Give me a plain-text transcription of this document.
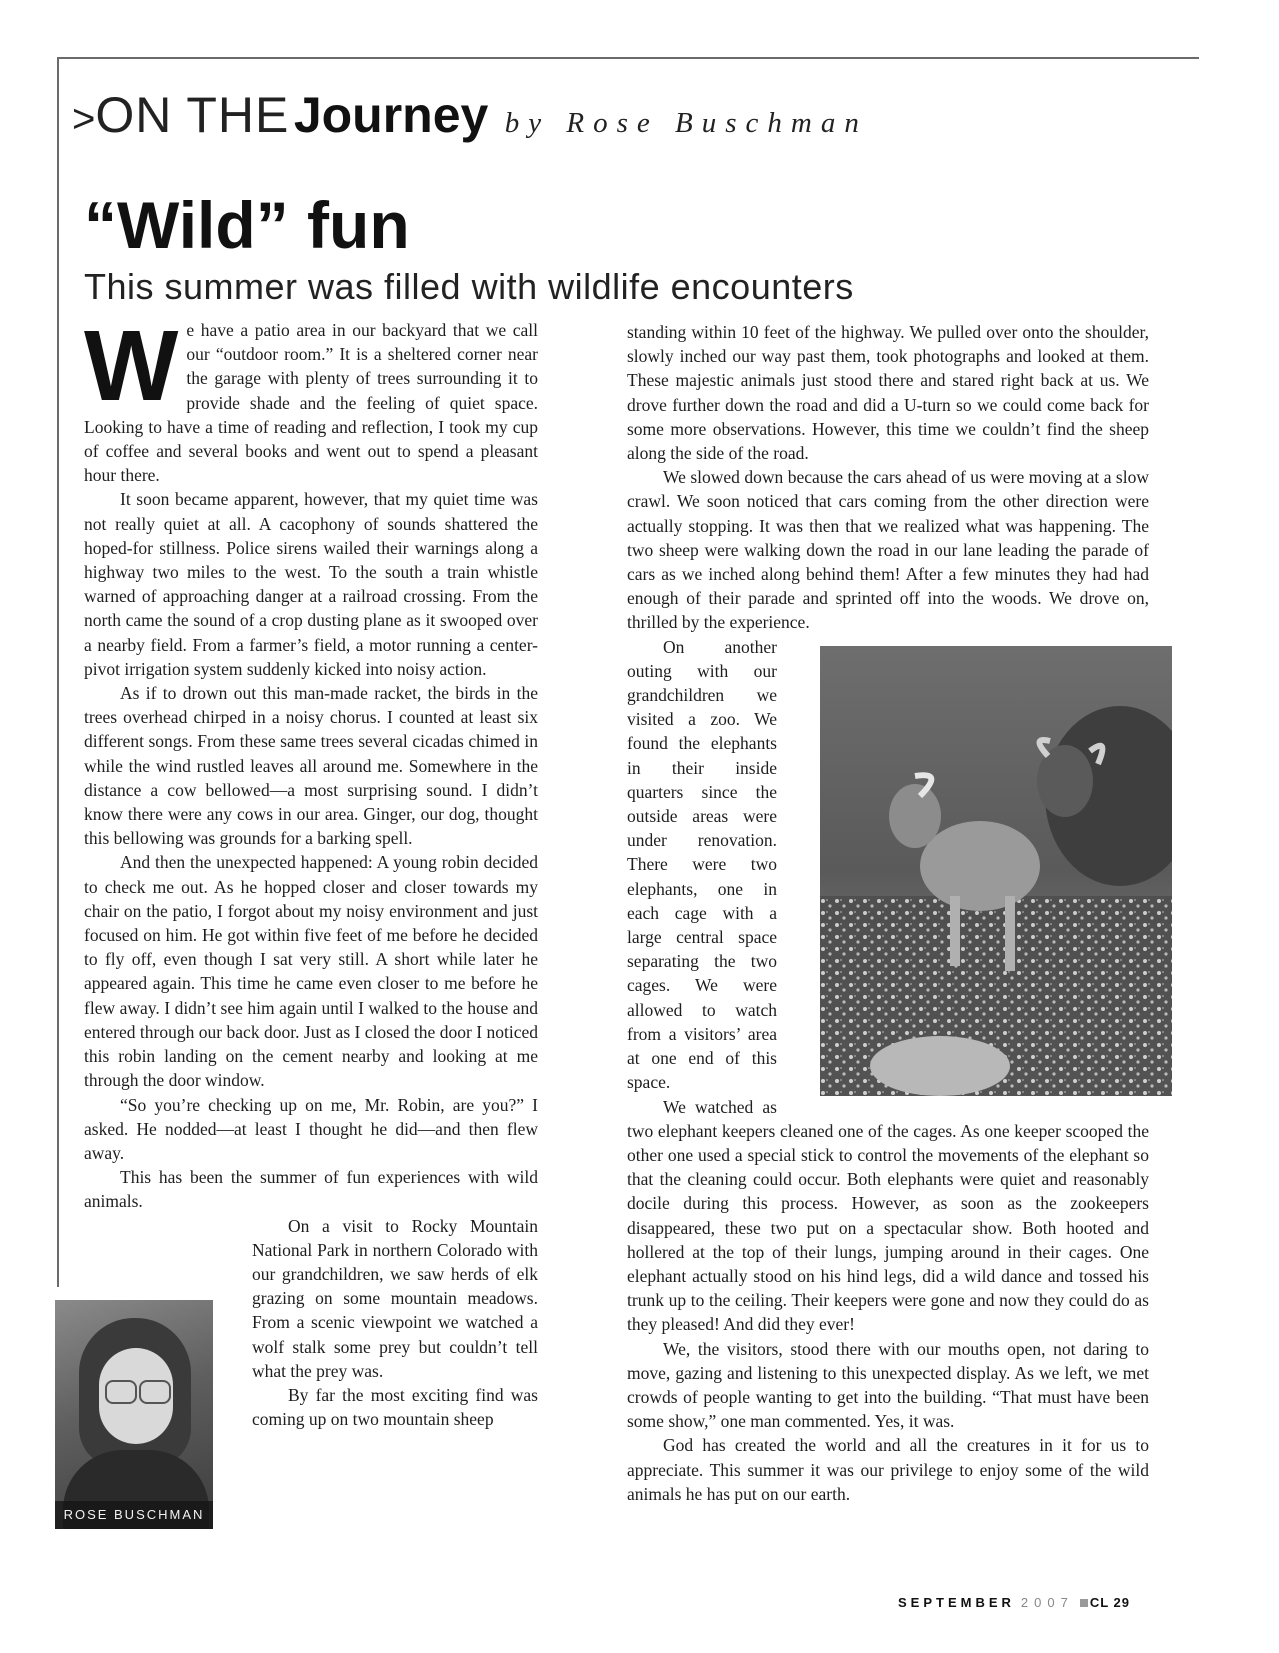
>ON THE Journey by Rose Buschman
“Wild” fun
This summer was filled with wildlife encounters

We have a patio area in our backyard that we call our “outdoor room.” It is a sheltered corner near the garage with plenty of trees surrounding it to provide shade and the feeling of quiet space. Looking to have a time of reading and reflection, I took my cup of coffee and several books and went out to spend a pleasant hour there.

It soon became apparent, however, that my quiet time was not really quiet at all. A cacophony of sounds shattered the hoped-for stillness. Police sirens wailed their warnings along a highway two miles to the west. To the south a train whistle warned of approaching danger at a railroad crossing. From the north came the sound of a crop dusting plane as it swooped over a nearby field. From a farmer’s field, a motor running a center-pivot irrigation system suddenly kicked into noisy action.

As if to drown out this man-made racket, the birds in the trees overhead chirped in a noisy chorus. I counted at least six different songs. From these same trees several cicadas chimed in while the wind rustled leaves all around me. Somewhere in the distance a cow bellowed—a most surprising sound. I didn’t know there were any cows in our area. Ginger, our dog, thought this bellowing was grounds for a barking spell.

And then the unexpected happened: A young robin decided to check me out. As he hopped closer and closer towards my chair on the patio, I forgot about my noisy environment and just focused on him. He got within five feet of me before he decided to fly off, even though I sat very still. A short while later he appeared again. This time he came even closer to me before he flew away. I didn’t see him again until I walked to the house and entered through our back door. Just as I closed the door I noticed this robin landing on the cement nearby and looking at me through the door window.

“So you’re checking up on me, Mr. Robin, are you?” I asked. He nodded—at least I thought he did—and then flew away.

This has been the summer of fun experiences with wild animals.

On a visit to Rocky Mountain National Park in northern Colorado with our grandchildren, we saw herds of elk grazing on some mountain meadows. From a scenic viewpoint we watched a wolf stalk some prey but couldn’t tell what the prey was.

By far the most exciting find was coming up on two mountain sheep

standing within 10 feet of the highway. We pulled over onto the shoulder, slowly inched our way past them, took photographs and looked at them. These majestic animals just stood there and stared right back at us. We drove further down the road and did a U-turn so we could come back for some more observations. However, this time we couldn’t find the sheep along the side of the road.

We slowed down because the cars ahead of us were moving at a slow crawl. We soon noticed that cars coming from the other direction were actually stopping. It was then that we realized what was happening. The two sheep were walking down the road in our lane leading the parade of cars as we inched along behind them! After a few minutes they had had enough of their parade and sprinted off into the woods. We drove on, thrilled by the experience.

On another outing with our grandchildren we visited a zoo. We found the elephants in their inside quarters since the outside areas were under renovation. There were two elephants, one in each cage with a large central space separating the two cages. We were allowed to watch from a visitors’ area at one end of this space.

We watched as two elephant keepers cleaned one of the cages. As one keeper scooped the other one used a special stick to control the movements of the elephant so that the cleaning could occur. Both elephants were quiet and reasonably docile during this process. However, as soon as the zookeepers disappeared, these two put on a spectacular show. Both hooted and hollered at the top of their lungs, jumping around in their cages. One elephant actually stood on his hind legs, did a wild dance and tossed his trunk up to the ceiling. Their keepers were gone and now they could do as they pleased! And did they ever!

We, the visitors, stood there with our mouths open, not daring to move, gazing and listening to this unexpected display. As we left, we met crowds of people wanting to get into the building. “That must have been some show,” one man commented. Yes, it was.

God has created the world and all the creatures in it for us to appreciate. This summer it was our privilege to enjoy some of the wild animals he has put on our earth.

ROSE BUSCHMAN
SEPTEMBER 2007 CL 29
